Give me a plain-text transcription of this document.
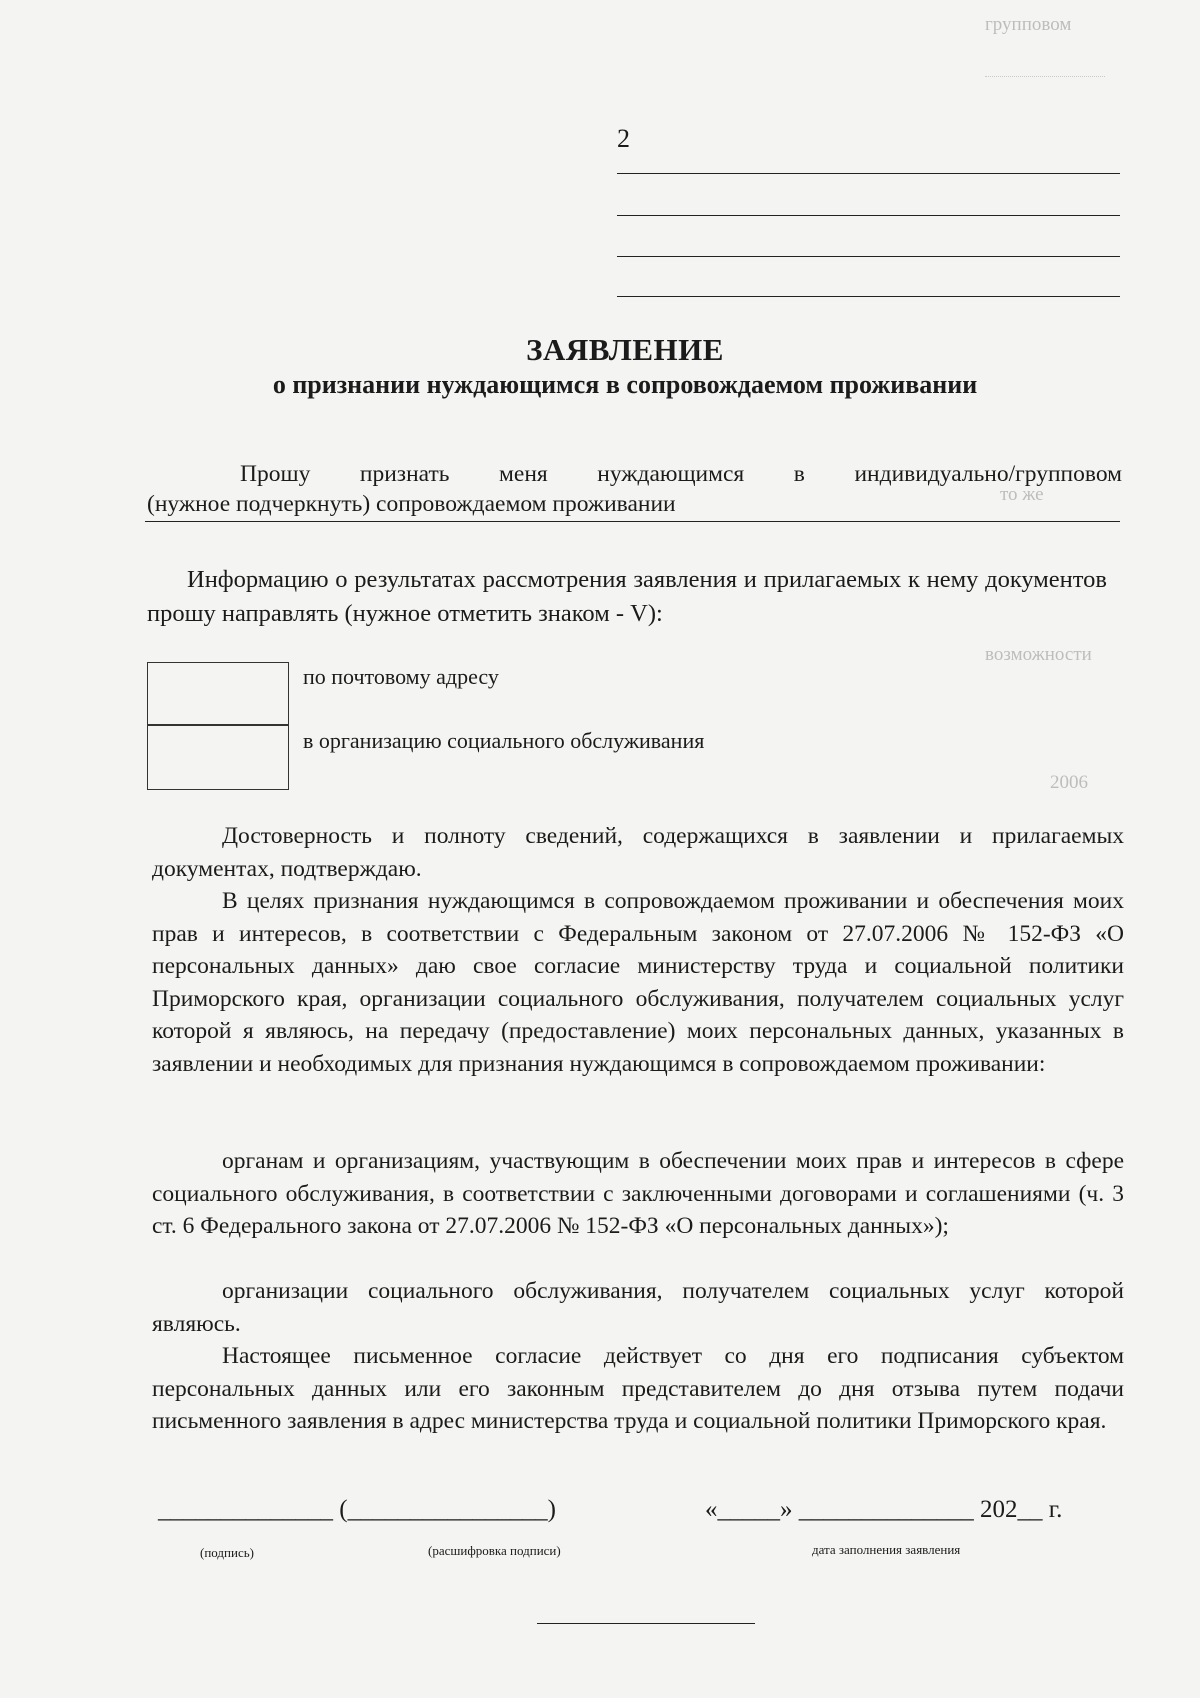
групповом
то же
возможности
2006
2
ЗАЯВЛЕНИЕ
о признании нуждающимся в сопровождаемом проживании
Прошу признать меня нуждающимся в индивидуально/групповом
(нужное подчеркнуть) сопровождаемом проживании
Информацию о результатах рассмотрения заявления и прилагаемых к нему документов прошу направлять (нужное отметить знаком - V):
по почтовому адресу
в организацию социального обслуживания
Достоверность и полноту сведений, содержащихся в заявлении и прилагаемых документах, подтверждаю.
В целях признания нуждающимся в сопровождаемом проживании и обеспечения моих прав и интересов, в соответствии с Федеральным законом от 27.07.2006 № 152-ФЗ «О персональных данных» даю свое согласие министерству труда и социальной политики Приморского края, организации социального обслуживания, получателем социальных услуг которой я являюсь, на передачу (предоставление) моих персональных данных, указанных в заявлении и необходимых для признания нуждающимся в сопровождаемом проживании:
органам и организациям, участвующим в обеспечении моих прав и интересов в сфере социального обслуживания, в соответствии с заключенными договорами и соглашениями (ч. 3 ст. 6 Федерального закона от 27.07.2006 № 152-ФЗ «О персональных данных»);
организации социального обслуживания, получателем социальных услуг которой являюсь.
Настоящее письменное согласие действует со дня его подписания субъектом персональных данных или его законным представителем до дня отзыва путем подачи письменного заявления в адрес министерства труда и социальной политики Приморского края.
______________ (________________)	«_____» ______________ 202__ г.
(подпись)	(расшифровка подписи)	дата заполнения заявления
